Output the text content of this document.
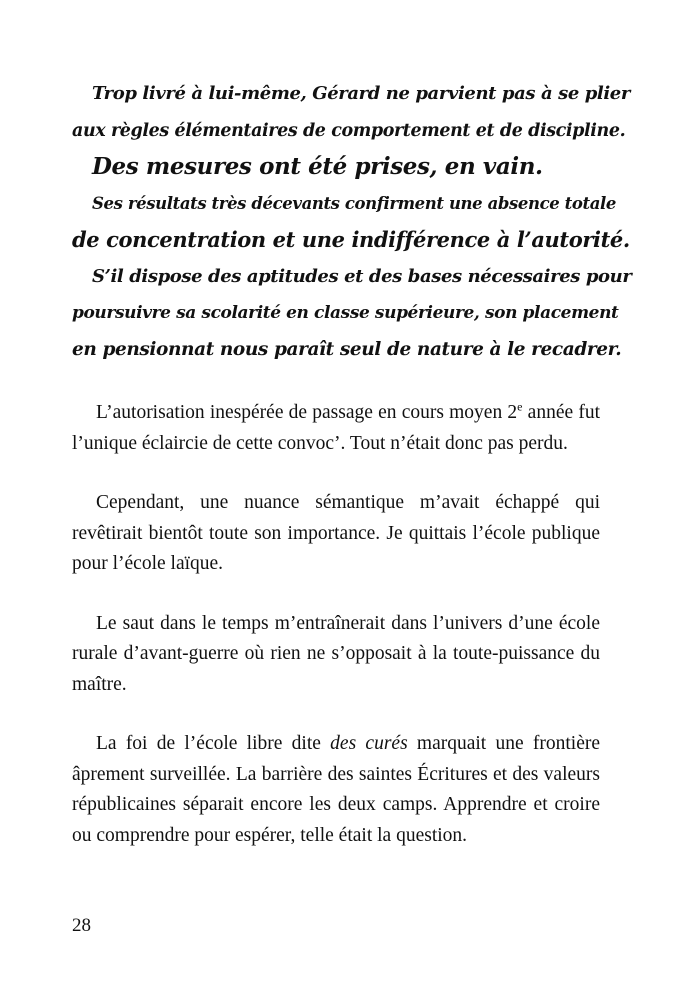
Trop livré à lui-même, Gérard ne parvient pas à se plier
aux règles élémentaires de comportement et de discipline.
Des mesures ont été prises, en vain.
Ses résultats très décevants confirment une absence totale
de concentration et une indifférence à l’autorité.
S’il dispose des aptitudes et des bases nécessaires pour
poursuivre sa scolarité en classe supérieure, son placement
en pensionnat nous paraît seul de nature à le recadrer.

L’autorisation inespérée de passage en cours moyen 2e année fut l’unique éclaircie de cette convoc’. Tout n’était donc pas perdu.

Cependant, une nuance sémantique m’avait échappé qui revêtirait bientôt toute son importance. Je quittais l’école publique pour l’école laïque.

Le saut dans le temps m’entraînerait dans l’univers d’une école rurale d’avant-guerre où rien ne s’opposait à la toute-puissance du maître.

La foi de l’école libre dite des curés marquait une frontière âprement surveillée. La barrière des saintes Écritures et des valeurs républicaines séparait encore les deux camps. Apprendre et croire ou comprendre pour espérer, telle était la question.

28
